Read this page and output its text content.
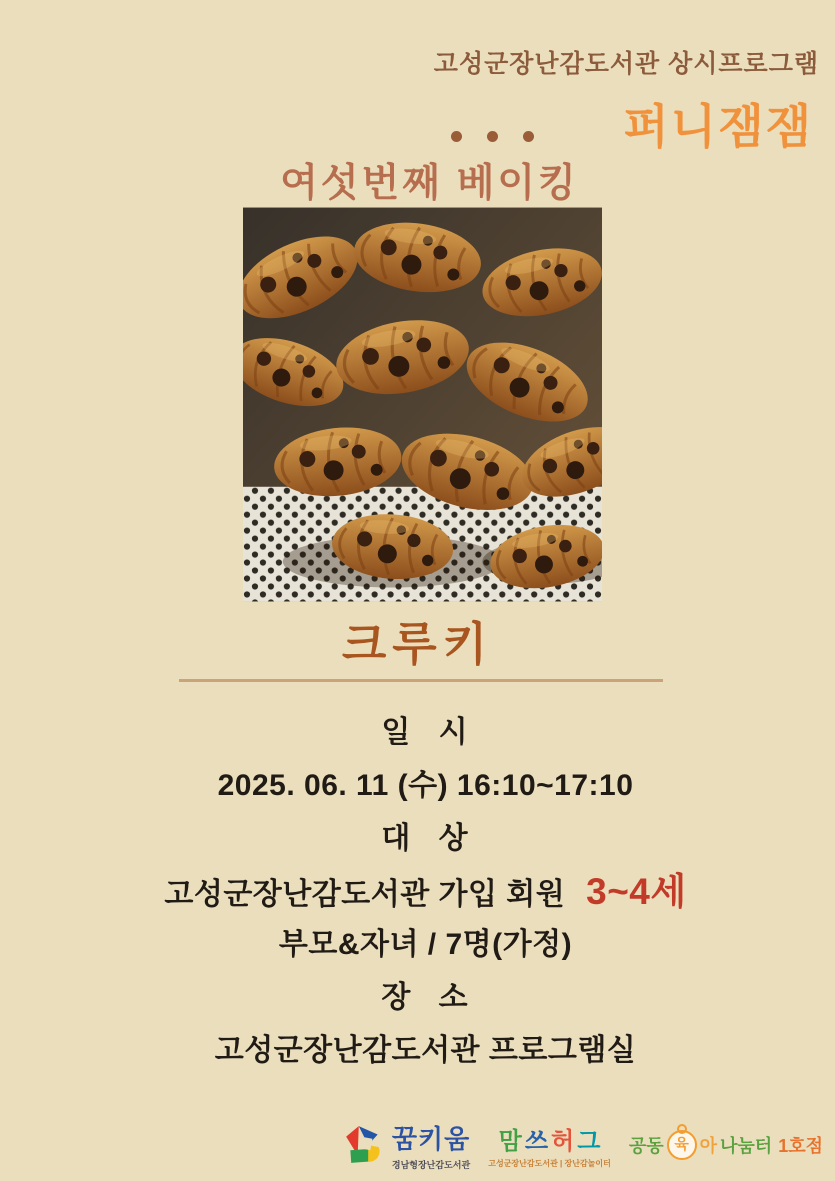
고성군장난감도서관 상시프로그램
퍼니잼잼
여섯번째 베이킹
크루키
일 시
2025. 06. 11 (수) 16:10~17:10
대 상
고성군장난감도서관 가입 회원 3~4세
부모&자녀 / 7명(가정)
장 소
고성군장난감도서관 프로그램실
꿈키움
경남형장난감도서관
맘 쓰 허 그
고성군장난감도서관 | 장난감놀이터
공동 육 아 나눔터 1호점
